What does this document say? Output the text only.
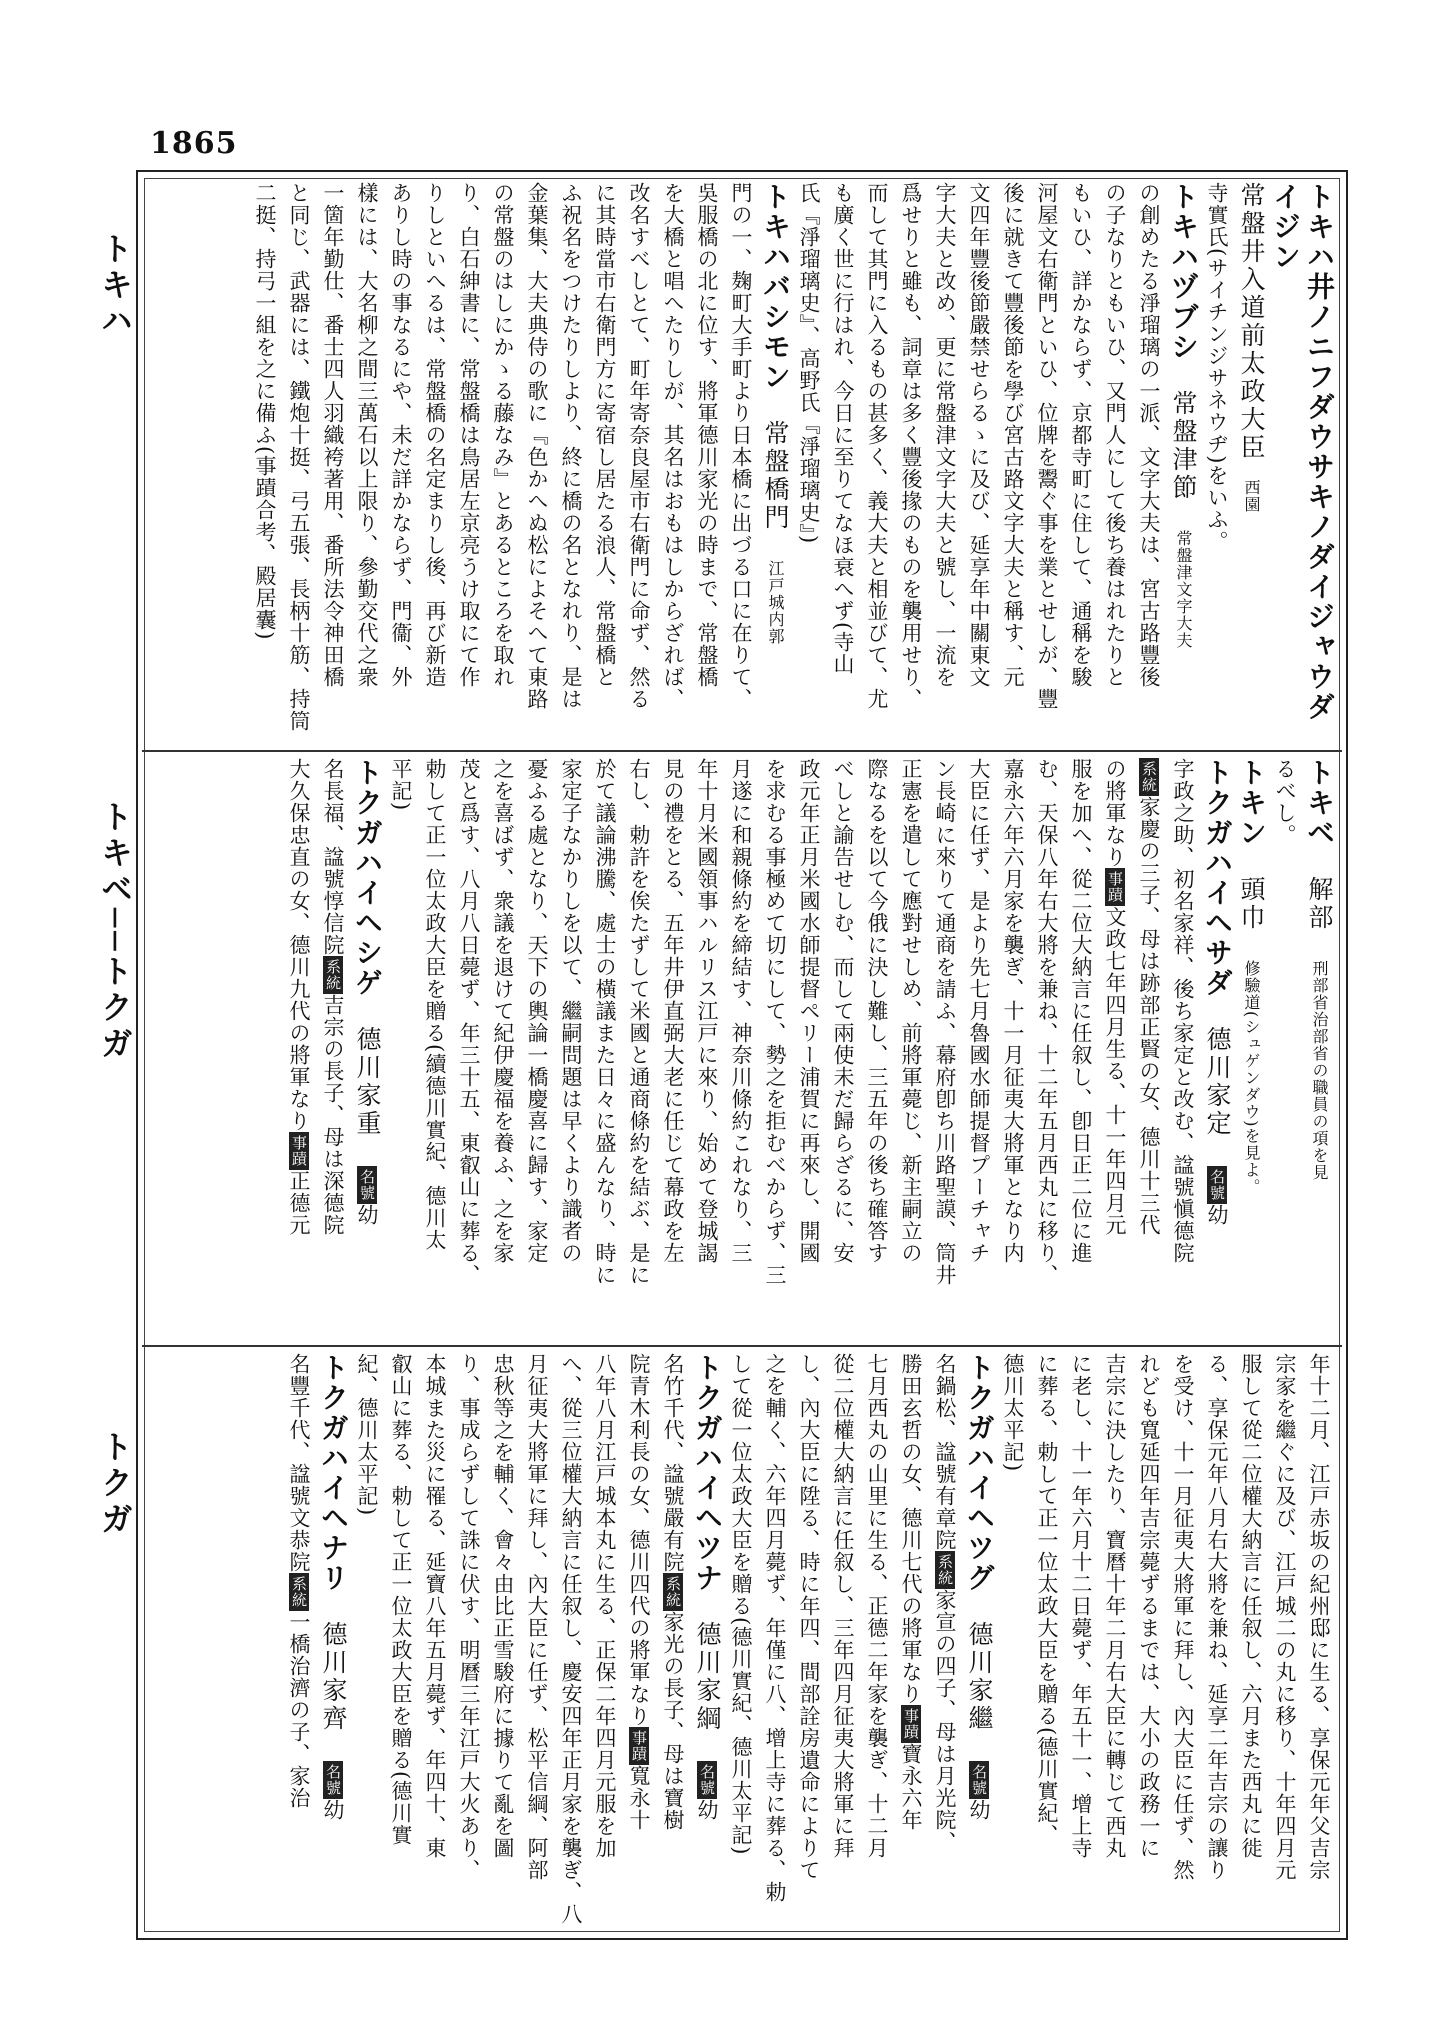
1865
トキハ
トキベ──トクガ
トクガ
トキハ井ノニフダウサキノダイジャウダイジン
常盤井入道前太政大臣　西園
寺實氏(サイチンジサネウヂ)をいふ。
トキハヅブシ　常盤津節　常盤津文字大夫
の創めたる淨瑠璃の一派、文字大夫は、宮古路豐後
の子なりともいひ、又門人にして後ち養はれたりと
もいひ、詳かならず、京都寺町に住して、通稱を駿
河屋文右衛門といひ、位牌を鬻ぐ事を業とせしが、豐
後に就きて豐後節を學び宮古路文字大夫と稱す、元
文四年豐後節嚴禁せらるゝに及び、延享年中關東文
字大夫と改め、更に常盤津文字大夫と號し、一流を
爲せりと雖も、詞章は多く豐後掾のものを襲用せり、
而して其門に入るもの甚多く、義大夫と相並びて、尤
も廣く世に行はれ、今日に至りてなほ衰へず(寺山
氏『淨瑠璃史』、高野氏『淨瑠璃史』)
トキハバシモン　常盤橋門　江戸城内郭
門の一、麹町大手町より日本橋に出づる口に在りて、
吳服橋の北に位す、將軍德川家光の時まで、常盤橋
を大橋と唱へたりしが、其名はおもはしからざれば、
改名すべしとて、町年寄奈良屋市右衛門に命ず、然る
に其時當市右衛門方に寄宿し居たる浪人、常盤橋と
ふ祝名をつけたりしより、終に橋の名となれり、是は
金葉集、大夫典侍の歌に『色かへぬ松によそへて東路
の常盤のはしにかゝる藤なみ』とあるところを取れ
り、白石紳書に、常盤橋は鳥居左京亮うけ取にて作
りしといへるは、常盤橋の名定まりし後、再び新造
ありし時の事なるにや、未だ詳かならず、門衞、外
樣には、大名柳之間三萬石以上限り、參勤交代之衆
一箇年勤仕、番士四人羽織袴著用、番所法令神田橋
と同じ、武器には、鐵炮十挺、弓五張、長柄十筋、持筒
二挺、持弓一組を之に備ふ(事蹟合考、殿居囊)
トキベ　解部　刑部省治部省の職員の項を見
るべし。
トキン　頭巾　修驗道(シュゲンダウ)を見よ。
トクガハイヘサダ　德川家定　名號幼
字政之助、初名家祥、後ち家定と改む、諡號愼德院
系統家慶の三子、母は跡部正賢の女、德川十三代
の將軍なり事蹟文政七年四月生る、十一年四月元
服を加へ、從二位大納言に任叙し、卽日正二位に進
む、天保八年右大將を兼ね、十二年五月西丸に移り、
嘉永六年六月家を襲ぎ、十一月征夷大將軍となり内
大臣に任ず、是より先七月魯國水師提督プーチャチ
ン長崎に來りて通商を請ふ、幕府卽ち川路聖謨、筒井
正憲を遣して應對せしめ、前將軍薨じ、新主嗣立の
際なるを以て今俄に決し難し、三五年の後ち確答す
べしと諭告せしむ、而して兩使未だ歸らざるに、安
政元年正月米國水師提督ペリー浦賀に再來し、開國
を求むる事極めて切にして、勢之を拒むべからず、三
月遂に和親條約を締結す、神奈川條約これなり、三
年十月米國領事ハルリス江戸に來り、始めて登城謁
見の禮をとる、五年井伊直弼大老に任じて幕政を左
右し、勅許を俟たずして米國と通商條約を結ぶ、是に
於て議論沸騰、處士の橫議また日々に盛んなり、時に
家定子なかりしを以て、繼嗣問題は早くより識者の
憂ふる處となり、天下の輿論一橋慶喜に歸す、家定
之を喜ばず、衆議を退けて紀伊慶福を養ふ、之を家
茂と爲す、八月八日薨ず、年三十五、東叡山に葬る、
勅して正一位太政大臣を贈る(續德川實紀、德川太
平記)
トクガハイヘシゲ　德川家重　名號幼
名長福、諡號惇信院系統吉宗の長子、母は深德院
大久保忠直の女、德川九代の將軍なり事蹟正德元
年十二月、江戸赤坂の紀州邸に生る、享保元年父吉宗
宗家を繼ぐに及び、江戸城二の丸に移り、十年四月元
服して從二位權大納言に任叙し、六月また西丸に徙
る、享保元年八月右大將を兼ね、延享二年吉宗の讓り
を受け、十一月征夷大將軍に拜し、內大臣に任ず、然
れども寬延四年吉宗薨ずるまでは、大小の政務一に
吉宗に決したり、寶曆十年二月右大臣に轉じて西丸
に老し、十一年六月十二日薨ず、年五十一、增上寺
に葬る、勅して正一位太政大臣を贈る(德川實紀、
德川太平記)
トクガハイヘツグ　德川家繼　名號幼
名鍋松、諡號有章院系統家宣の四子、母は月光院、
勝田玄哲の女、德川七代の將軍なり事蹟寶永六年
七月西丸の山里に生る、正德二年家を襲ぎ、十二月
從二位權大納言に任叙し、三年四月征夷大將軍に拜
し、內大臣に陞る、時に年四、間部詮房遺命によりて
之を輔く、六年四月薨ず、年僅に八、增上寺に葬る、勅
して從一位太政大臣を贈る(德川實紀、德川太平記)
トクガハイヘツナ　德川家綱　名號幼
名竹千代、諡號嚴有院系統家光の長子、母は寶樹
院青木利長の女、德川四代の將軍なり事蹟寬永十
八年八月江戸城本丸に生る、正保二年四月元服を加
へ、從三位權大納言に任叙し、慶安四年正月家を襲ぎ、八
月征夷大將軍に拜し、內大臣に任ず、松平信綱、阿部
忠秋等之を輔く、會々由比正雪駿府に據りて亂を圖
り、事成らずして誅に伏す、明曆三年江戸大火あり、
本城また災に罹る、延寶八年五月薨ず、年四十、東
叡山に葬る、勅して正一位太政大臣を贈る(德川實
紀、德川太平記)
トクガハイヘナリ　德川家齊　名號幼
名豐千代、諡號文恭院系統一橋治濟の子、家治
